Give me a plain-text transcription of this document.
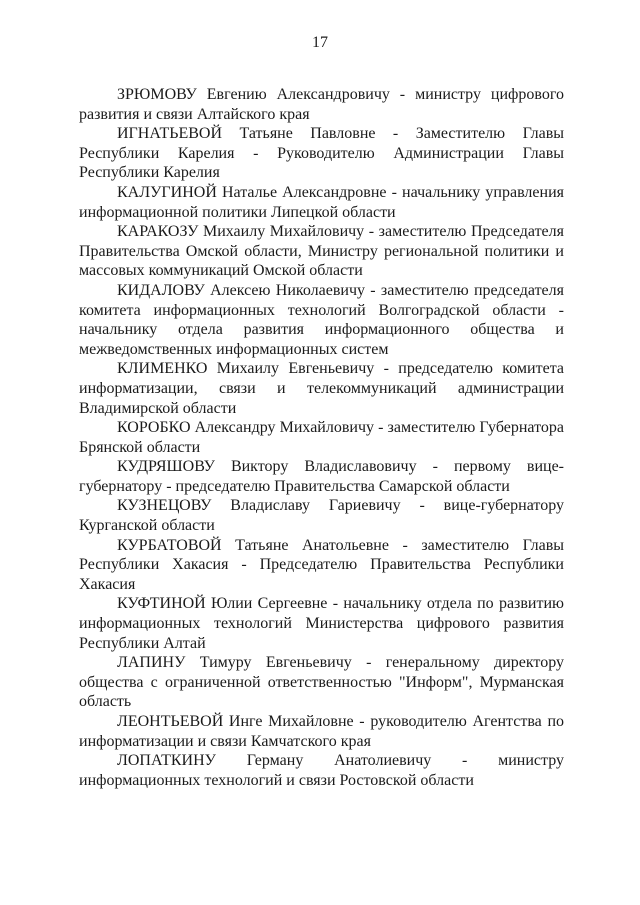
17

ЗРЮМОВУ Евгению Александровичу - министру цифрового развития и связи Алтайского края

ИГНАТЬЕВОЙ Татьяне Павловне - Заместителю Главы Республики Карелия - Руководителю Администрации Главы Республики Карелия

КАЛУГИНОЙ Наталье Александровне - начальнику управления информационной политики Липецкой области

КАРАКОЗУ Михаилу Михайловичу - заместителю Председателя Правительства Омской области, Министру региональной политики и массовых коммуникаций Омской области

КИДАЛОВУ Алексею Николаевичу - заместителю председателя комитета информационных технологий Волгоградской области - начальнику отдела развития информационного общества и межведомственных информационных систем

КЛИМЕНКО Михаилу Евгеньевичу - председателю комитета информатизации, связи и телекоммуникаций администрации Владимирской области

КОРОБКО Александру Михайловичу - заместителю Губернатора Брянской области

КУДРЯШОВУ Виктору Владиславовичу - первому вице-губернатору - председателю Правительства Самарской области

КУЗНЕЦОВУ Владиславу Гариевичу - вице-губернатору Курганской области

КУРБАТОВОЙ Татьяне Анатольевне - заместителю Главы Республики Хакасия - Председателю Правительства Республики Хакасия

КУФТИНОЙ Юлии Сергеевне - начальнику отдела по развитию информационных технологий Министерства цифрового развития Республики Алтай

ЛАПИНУ Тимуру Евгеньевичу - генеральному директору общества с ограниченной ответственностью "Информ", Мурманская область

ЛЕОНТЬЕВОЙ Инге Михайловне - руководителю Агентства по информатизации и связи Камчатского края

ЛОПАТКИНУ Герману Анатолиевичу - министру информационных технологий и связи Ростовской области
